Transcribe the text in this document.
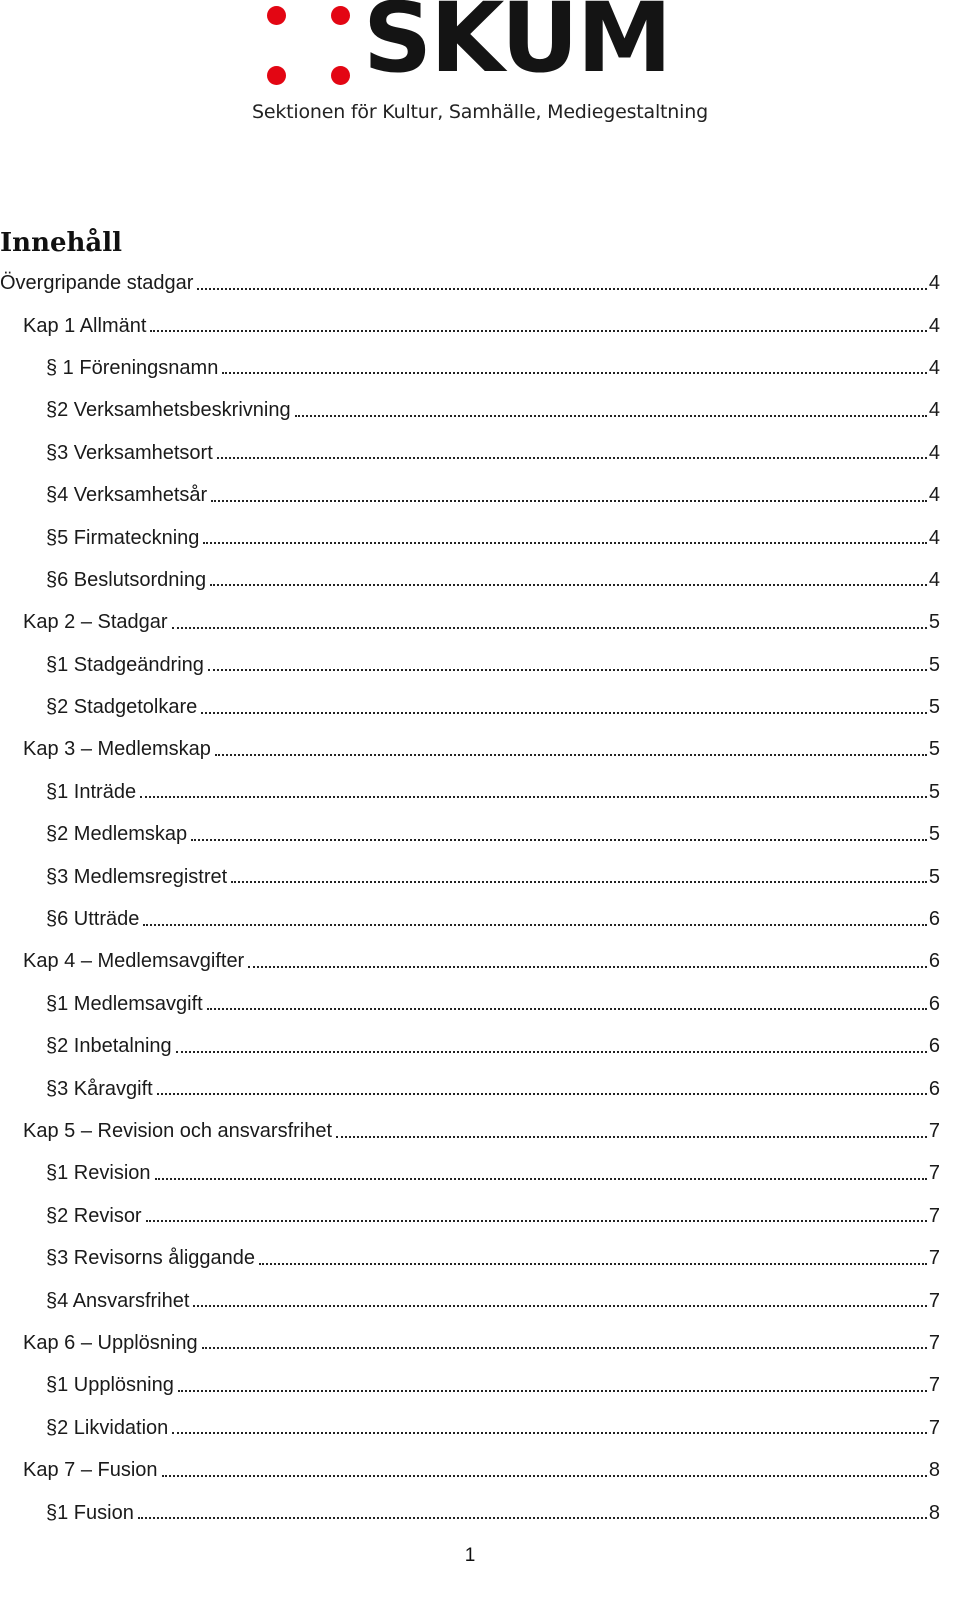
SKUM
Sektionen för Kultur, Samhälle, Mediegestaltning
Innehåll
Övergripande stadgar	4
Kap 1 Allmänt	4
§ 1 Föreningsnamn	4
§2 Verksamhetsbeskrivning	4
§3 Verksamhetsort	4
§4 Verksamhetsår	4
§5 Firmateckning	4
§6 Beslutsordning	4
Kap 2 – Stadgar	5
§1 Stadgeändring	5
§2 Stadgetolkare	5
Kap 3 – Medlemskap	5
§1 Inträde	5
§2 Medlemskap	5
§3 Medlemsregistret	5
§6 Utträde	6
Kap 4 – Medlemsavgifter	6
§1 Medlemsavgift	6
§2 Inbetalning	6
§3 Kåravgift	6
Kap 5 – Revision och ansvarsfrihet	7
§1 Revision	7
§2 Revisor	7
§3 Revisorns åliggande	7
§4 Ansvarsfrihet	7
Kap 6 – Upplösning	7
§1 Upplösning	7
§2 Likvidation	7
Kap 7 – Fusion	8
§1 Fusion	8
1
